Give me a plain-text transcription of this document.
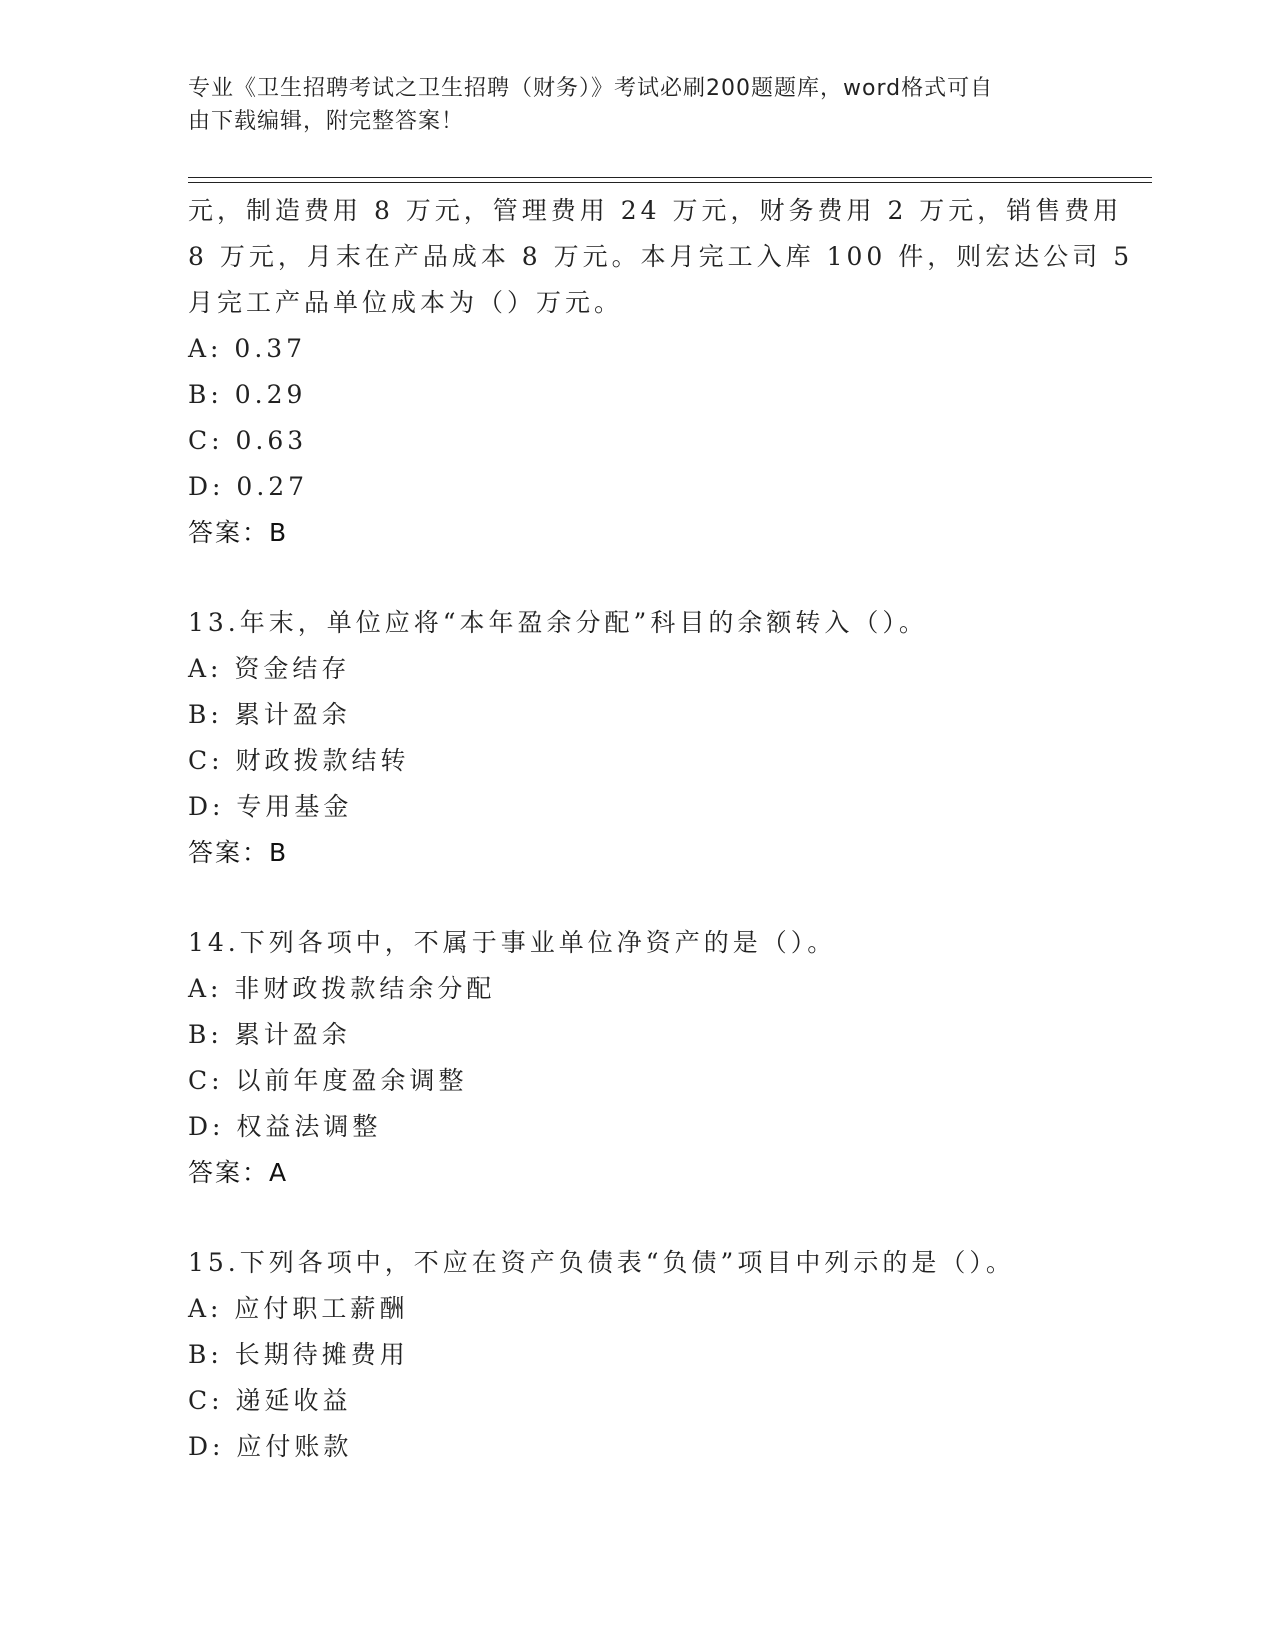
专业《卫生招聘考试之卫生招聘（财务）》考试必刷200题题库，word格式可自
由下载编辑，附完整答案！
元，制造费用 8 万元，管理费用 24 万元，财务费用 2 万元，销售费用
8 万元，月末在产品成本 8 万元。本月完工入库 100 件，则宏达公司 5
月完工产品单位成本为（）万元。
A: 0.37
B: 0.29
C: 0.63
D: 0.27
答案：B
13.年末，单位应将“本年盈余分配”科目的余额转入（）。
A: 资金结存
B: 累计盈余
C: 财政拨款结转
D: 专用基金
答案：B
14.下列各项中，不属于事业单位净资产的是（）。
A: 非财政拨款结余分配
B: 累计盈余
C: 以前年度盈余调整
D: 权益法调整
答案：A
15.下列各项中，不应在资产负债表“负债”项目中列示的是（）。
A: 应付职工薪酬
B: 长期待摊费用
C: 递延收益
D: 应付账款
